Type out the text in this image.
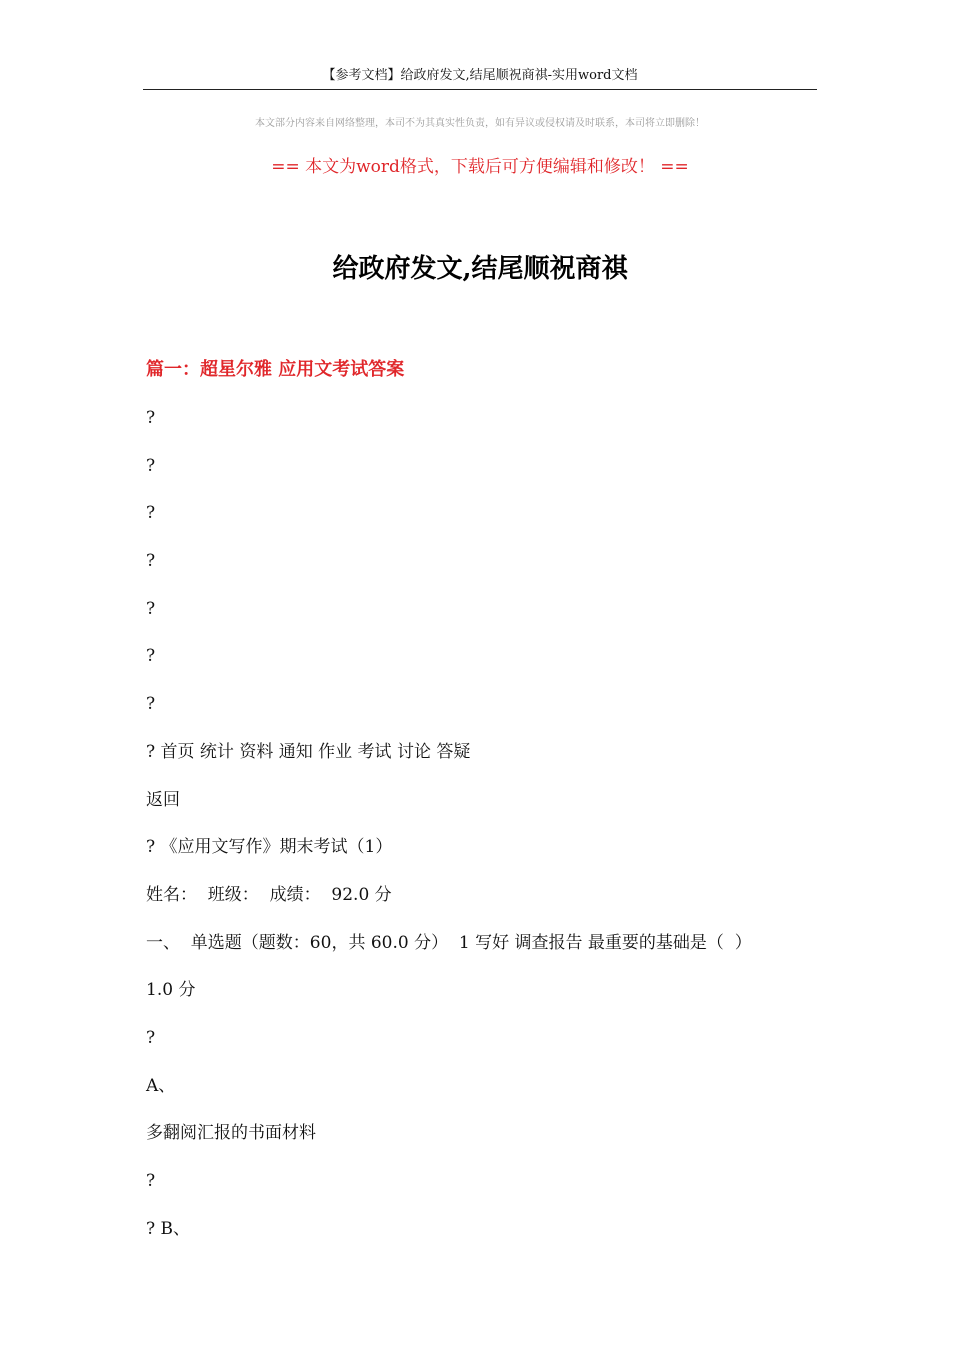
【参考文档】给政府发文,结尾顺祝商祺-实用word文档
本文部分内容来自网络整理，本司不为其真实性负责，如有异议或侵权请及时联系，本司将立即删除！
== 本文为word格式，下载后可方便编辑和修改！ ==
给政府发文,结尾顺祝商祺
篇一：超星尔雅 应用文考试答案
?
?
?
?
?
?
?
? 首页 统计 资料 通知 作业 考试 讨论 答疑
返回
? 《应用文写作》期末考试（1）
姓名：  班级：  成绩：  92.0 分
一、  单选题（题数：60，共 60.0 分）  1 写好 调查报告 最重要的基础是（  ）
1.0 分
?
A、
多翻阅汇报的书面材料
?
? B、
